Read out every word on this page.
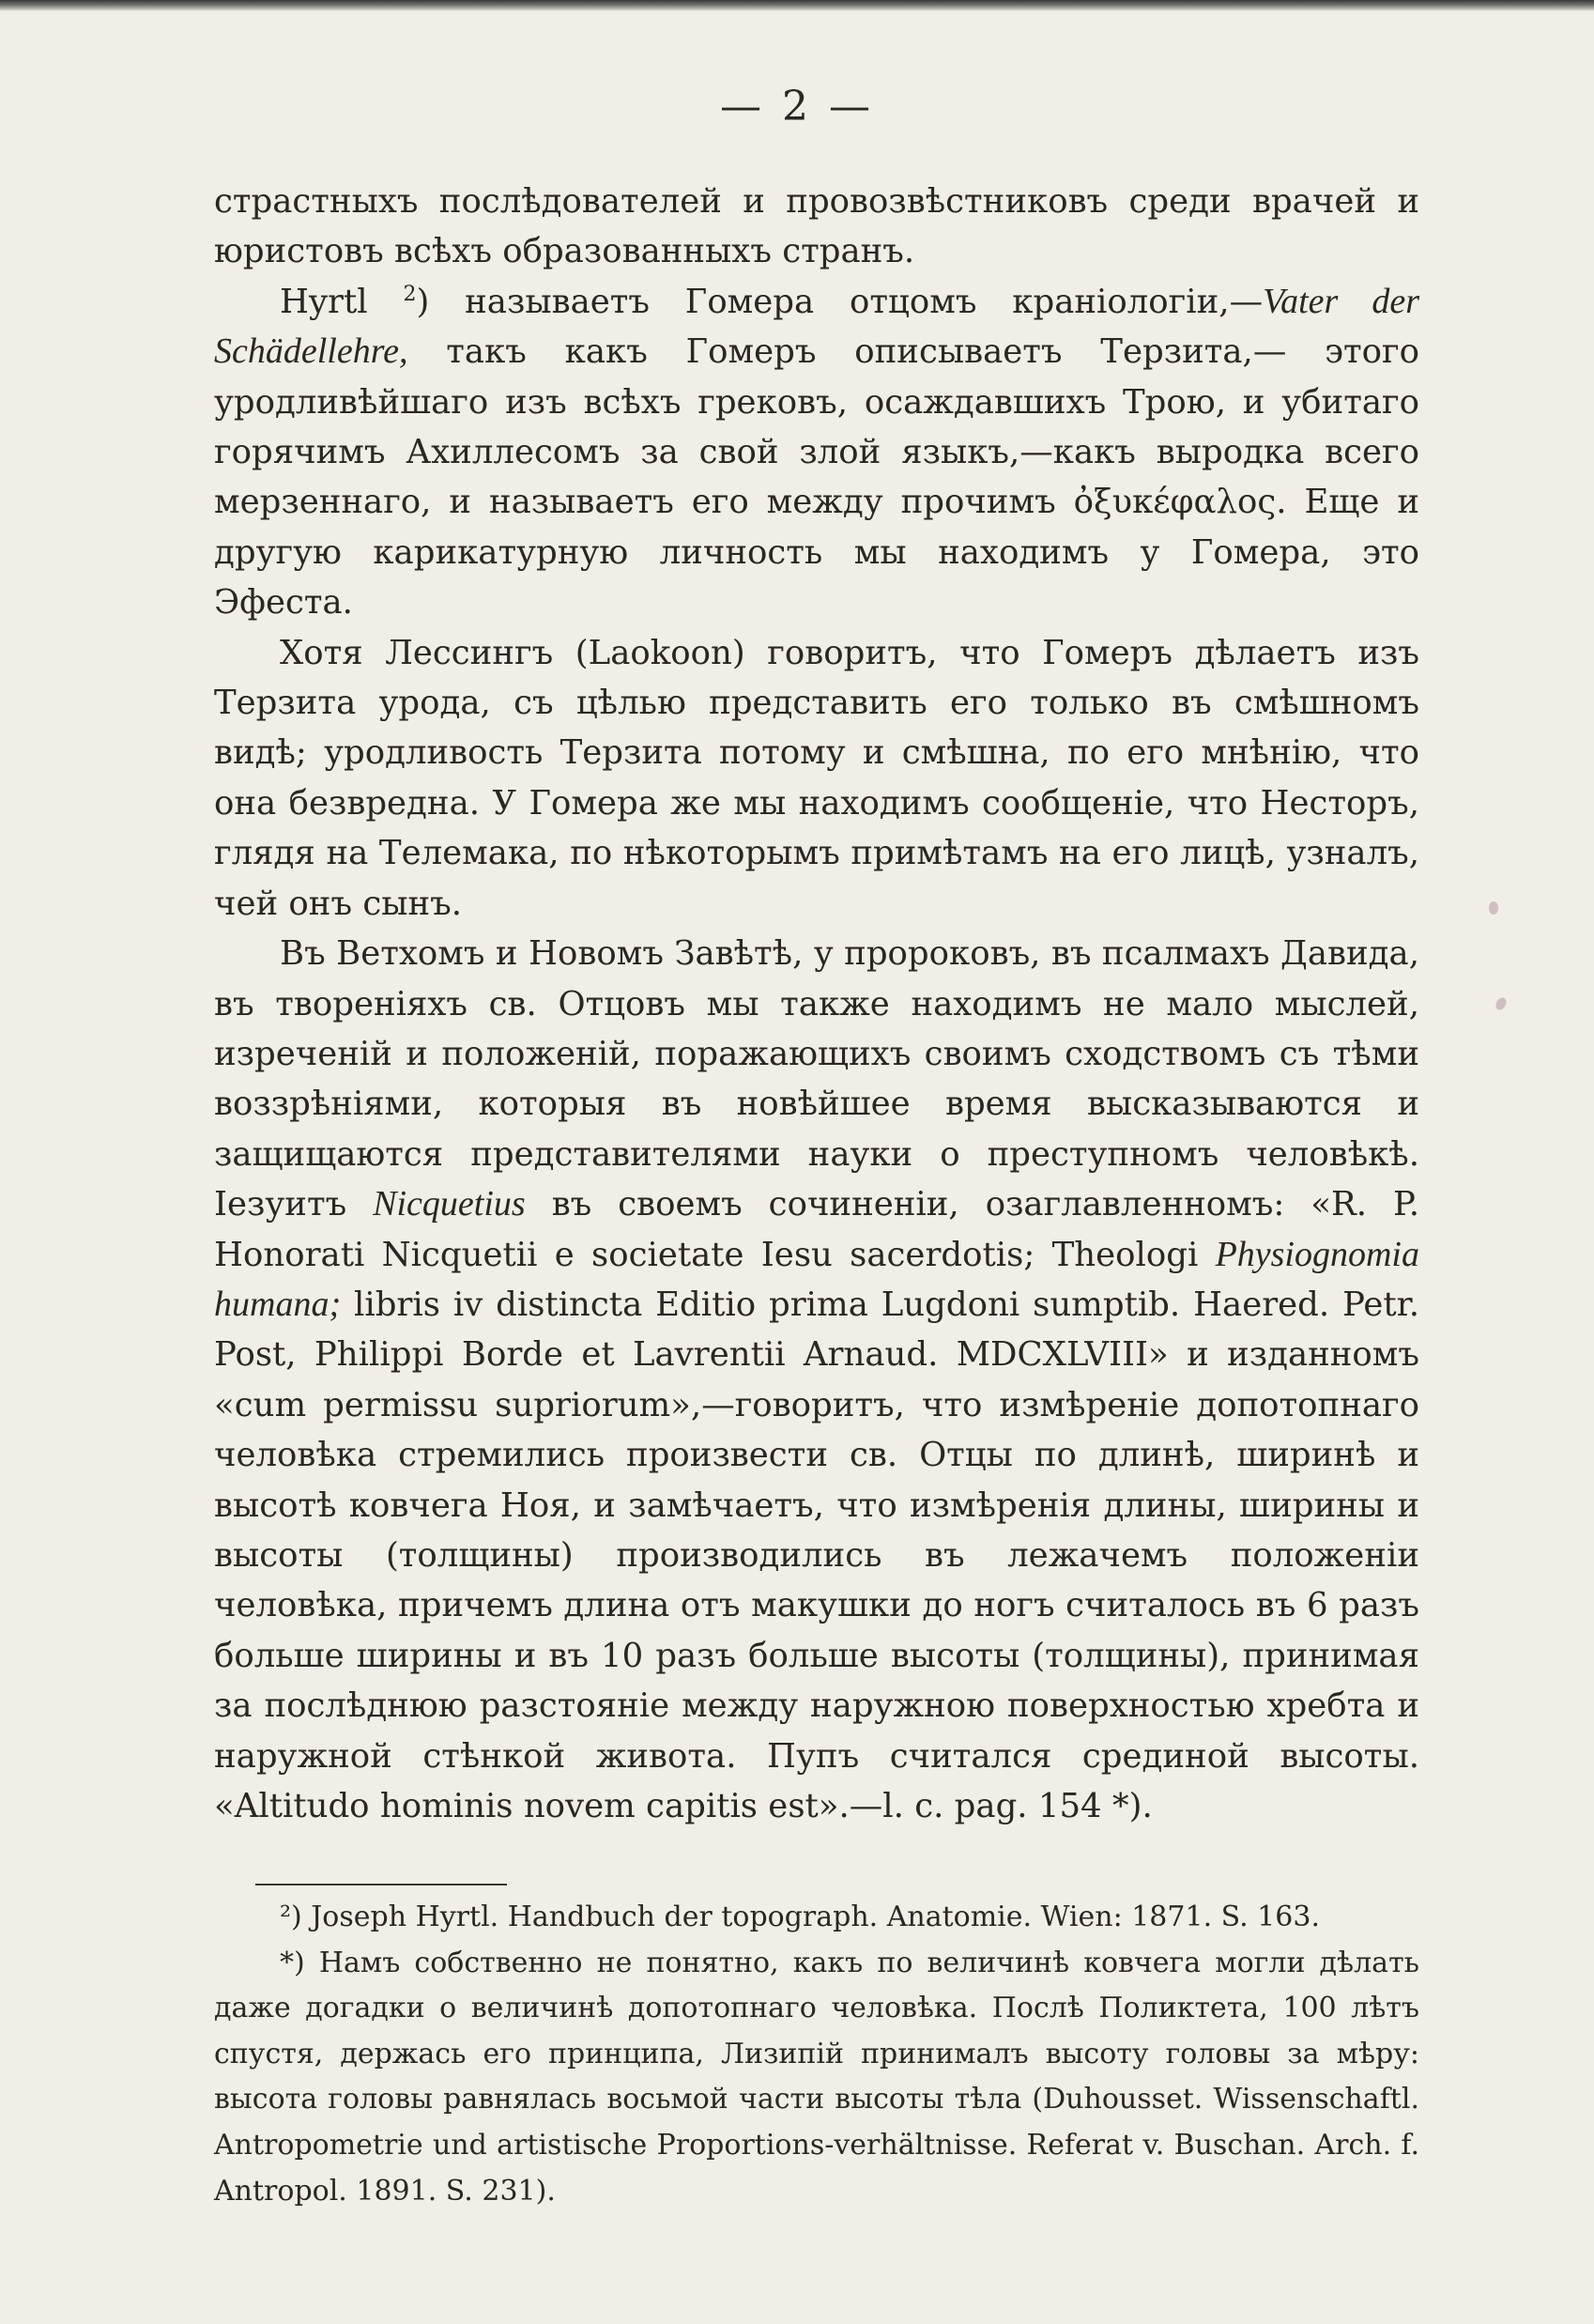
— 2 —

страстныхъ послѣдователей и провозвѣстниковъ среди врачей и юристовъ всѣхъ образованныхъ странъ.

Hyrtl $^2$) называетъ Гомера отцомъ краніологіи,—Vater der Schädellehre, такъ какъ Гомеръ описываетъ Терзита,— этого уродливѣйшаго изъ всѣхъ грековъ, осаждавшихъ Трою, и убитаго горячимъ Ахиллесомъ за свой злой языкъ,—какъ выродка всего мерзеннаго, и называетъ его между прочимъ ὀξυκέφαλος. Еще и другую карикатурную личность мы находимъ у Гомера, это Эфеста.

Хотя Лессингъ (Laokoon) говоритъ, что Гомеръ дѣлаетъ изъ Терзита урода, съ цѣлью представить его только въ смѣшномъ видѣ; уродливость Терзита потому и смѣшна, по его мнѣнію, что она безвредна. У Гомера же мы находимъ сообщеніе, что Несторъ, глядя на Телемака, по нѣкоторымъ примѣтамъ на его лицѣ, узналъ, чей онъ сынъ.

Въ Ветхомъ и Новомъ Завѣтѣ, у пророковъ, въ псалмахъ Давида, въ твореніяхъ св. Отцовъ мы также находимъ не мало мыслей, изреченій и положеній, поражающихъ своимъ сходствомъ съ тѣми воззрѣніями, которыя въ новѣйшее время высказываются и защищаются представителями науки о преступномъ человѣкѣ. Iезуитъ Nicquetius въ своемъ сочиненіи, озаглавленномъ: «R. P. Honorati Nicquetii e societate Iesu sacerdotis; Theologi Physiognomia humana; libris iv distincta Editio prima Lugdoni sumptib. Haered. Petr. Post, Philippi Borde et Lavrentii Arnaud. MDCXLVIII» и изданномъ «cum permissu supriorum»,—говоритъ, что измѣреніе допотопнаго человѣка стремились произвести св. Отцы по длинѣ, ширинѣ и высотѣ ковчега Ноя, и замѣчаетъ, что измѣренія длины, ширины и высоты (толщины) производились въ лежачемъ положеніи человѣка, причемъ длина отъ макушки до ногъ считалось въ 6 разъ больше ширины и въ 10 разъ больше высоты (толщины), принимая за послѣднюю разстояніе между наружною поверхностью хребта и наружной стѣнкой живота. Пупъ считался срединой высоты. «Altitudo hominis novem capitis est».—l. c. pag. 154 *).

²) Joseph Hyrtl. Handbuch der topograph. Anatomie. Wien: 1871. S. 163.

*) Намъ собственно не понятно, какъ по величинѣ ковчега могли дѣлать даже догадки о величинѣ допотопнаго человѣка. Послѣ Поликтета, 100 лѣтъ спустя, держась его принципа, Лизипій принималъ высоту головы за мѣру: высота головы равнялась восьмой части высоты тѣла (Duhousset. Wissenschaftl. Antropometrie und artistische Proportions-verhältnisse. Referat v. Buschan. Arch. f. Antropol. 1891. S. 231).
